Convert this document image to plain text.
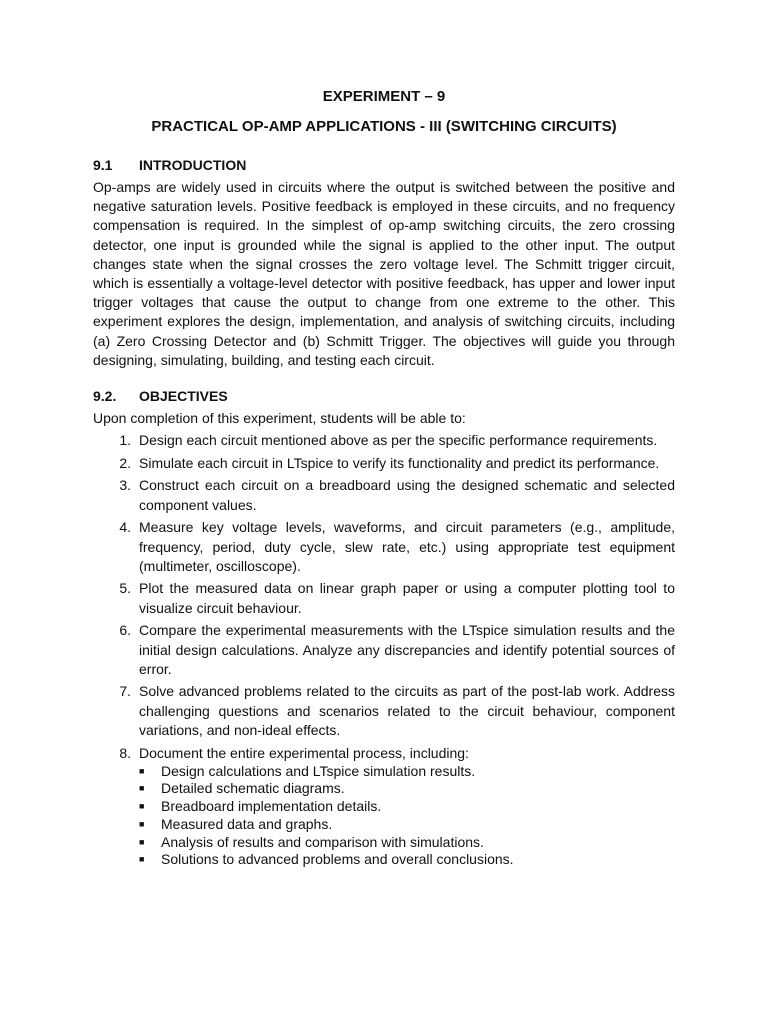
EXPERIMENT – 9
PRACTICAL OP-AMP APPLICATIONS - III (SWITCHING CIRCUITS)
9.1	INTRODUCTION

Op-amps are widely used in circuits where the output is switched between the positive and negative saturation levels. Positive feedback is employed in these circuits, and no frequency compensation is required. In the simplest of op-amp switching circuits, the zero crossing detector, one input is grounded while the signal is applied to the other input. The output changes state when the signal crosses the zero voltage level. The Schmitt trigger circuit, which is essentially a voltage-level detector with positive feedback, has upper and lower input trigger voltages that cause the output to change from one extreme to the other. This experiment explores the design, implementation, and analysis of switching circuits, including (a) Zero Crossing Detector and (b) Schmitt Trigger. The objectives will guide you through designing, simulating, building, and testing each circuit.

9.2.	OBJECTIVES

Upon completion of this experiment, students will be able to:

1. Design each circuit mentioned above as per the specific performance requirements.
2. Simulate each circuit in LTspice to verify its functionality and predict its performance.
3. Construct each circuit on a breadboard using the designed schematic and selected component values.
4. Measure key voltage levels, waveforms, and circuit parameters (e.g., amplitude, frequency, period, duty cycle, slew rate, etc.) using appropriate test equipment (multimeter, oscilloscope).
5. Plot the measured data on linear graph paper or using a computer plotting tool to visualize circuit behaviour.
6. Compare the experimental measurements with the LTspice simulation results and the initial design calculations. Analyze any discrepancies and identify potential sources of error.
7. Solve advanced problems related to the circuits as part of the post-lab work. Address challenging questions and scenarios related to the circuit behaviour, component variations, and non-ideal effects.
8. Document the entire experimental process, including:
■	Design calculations and LTspice simulation results.
■	Detailed schematic diagrams.
■	Breadboard implementation details.
■	Measured data and graphs.
■	Analysis of results and comparison with simulations.
■	Solutions to advanced problems and overall conclusions.
